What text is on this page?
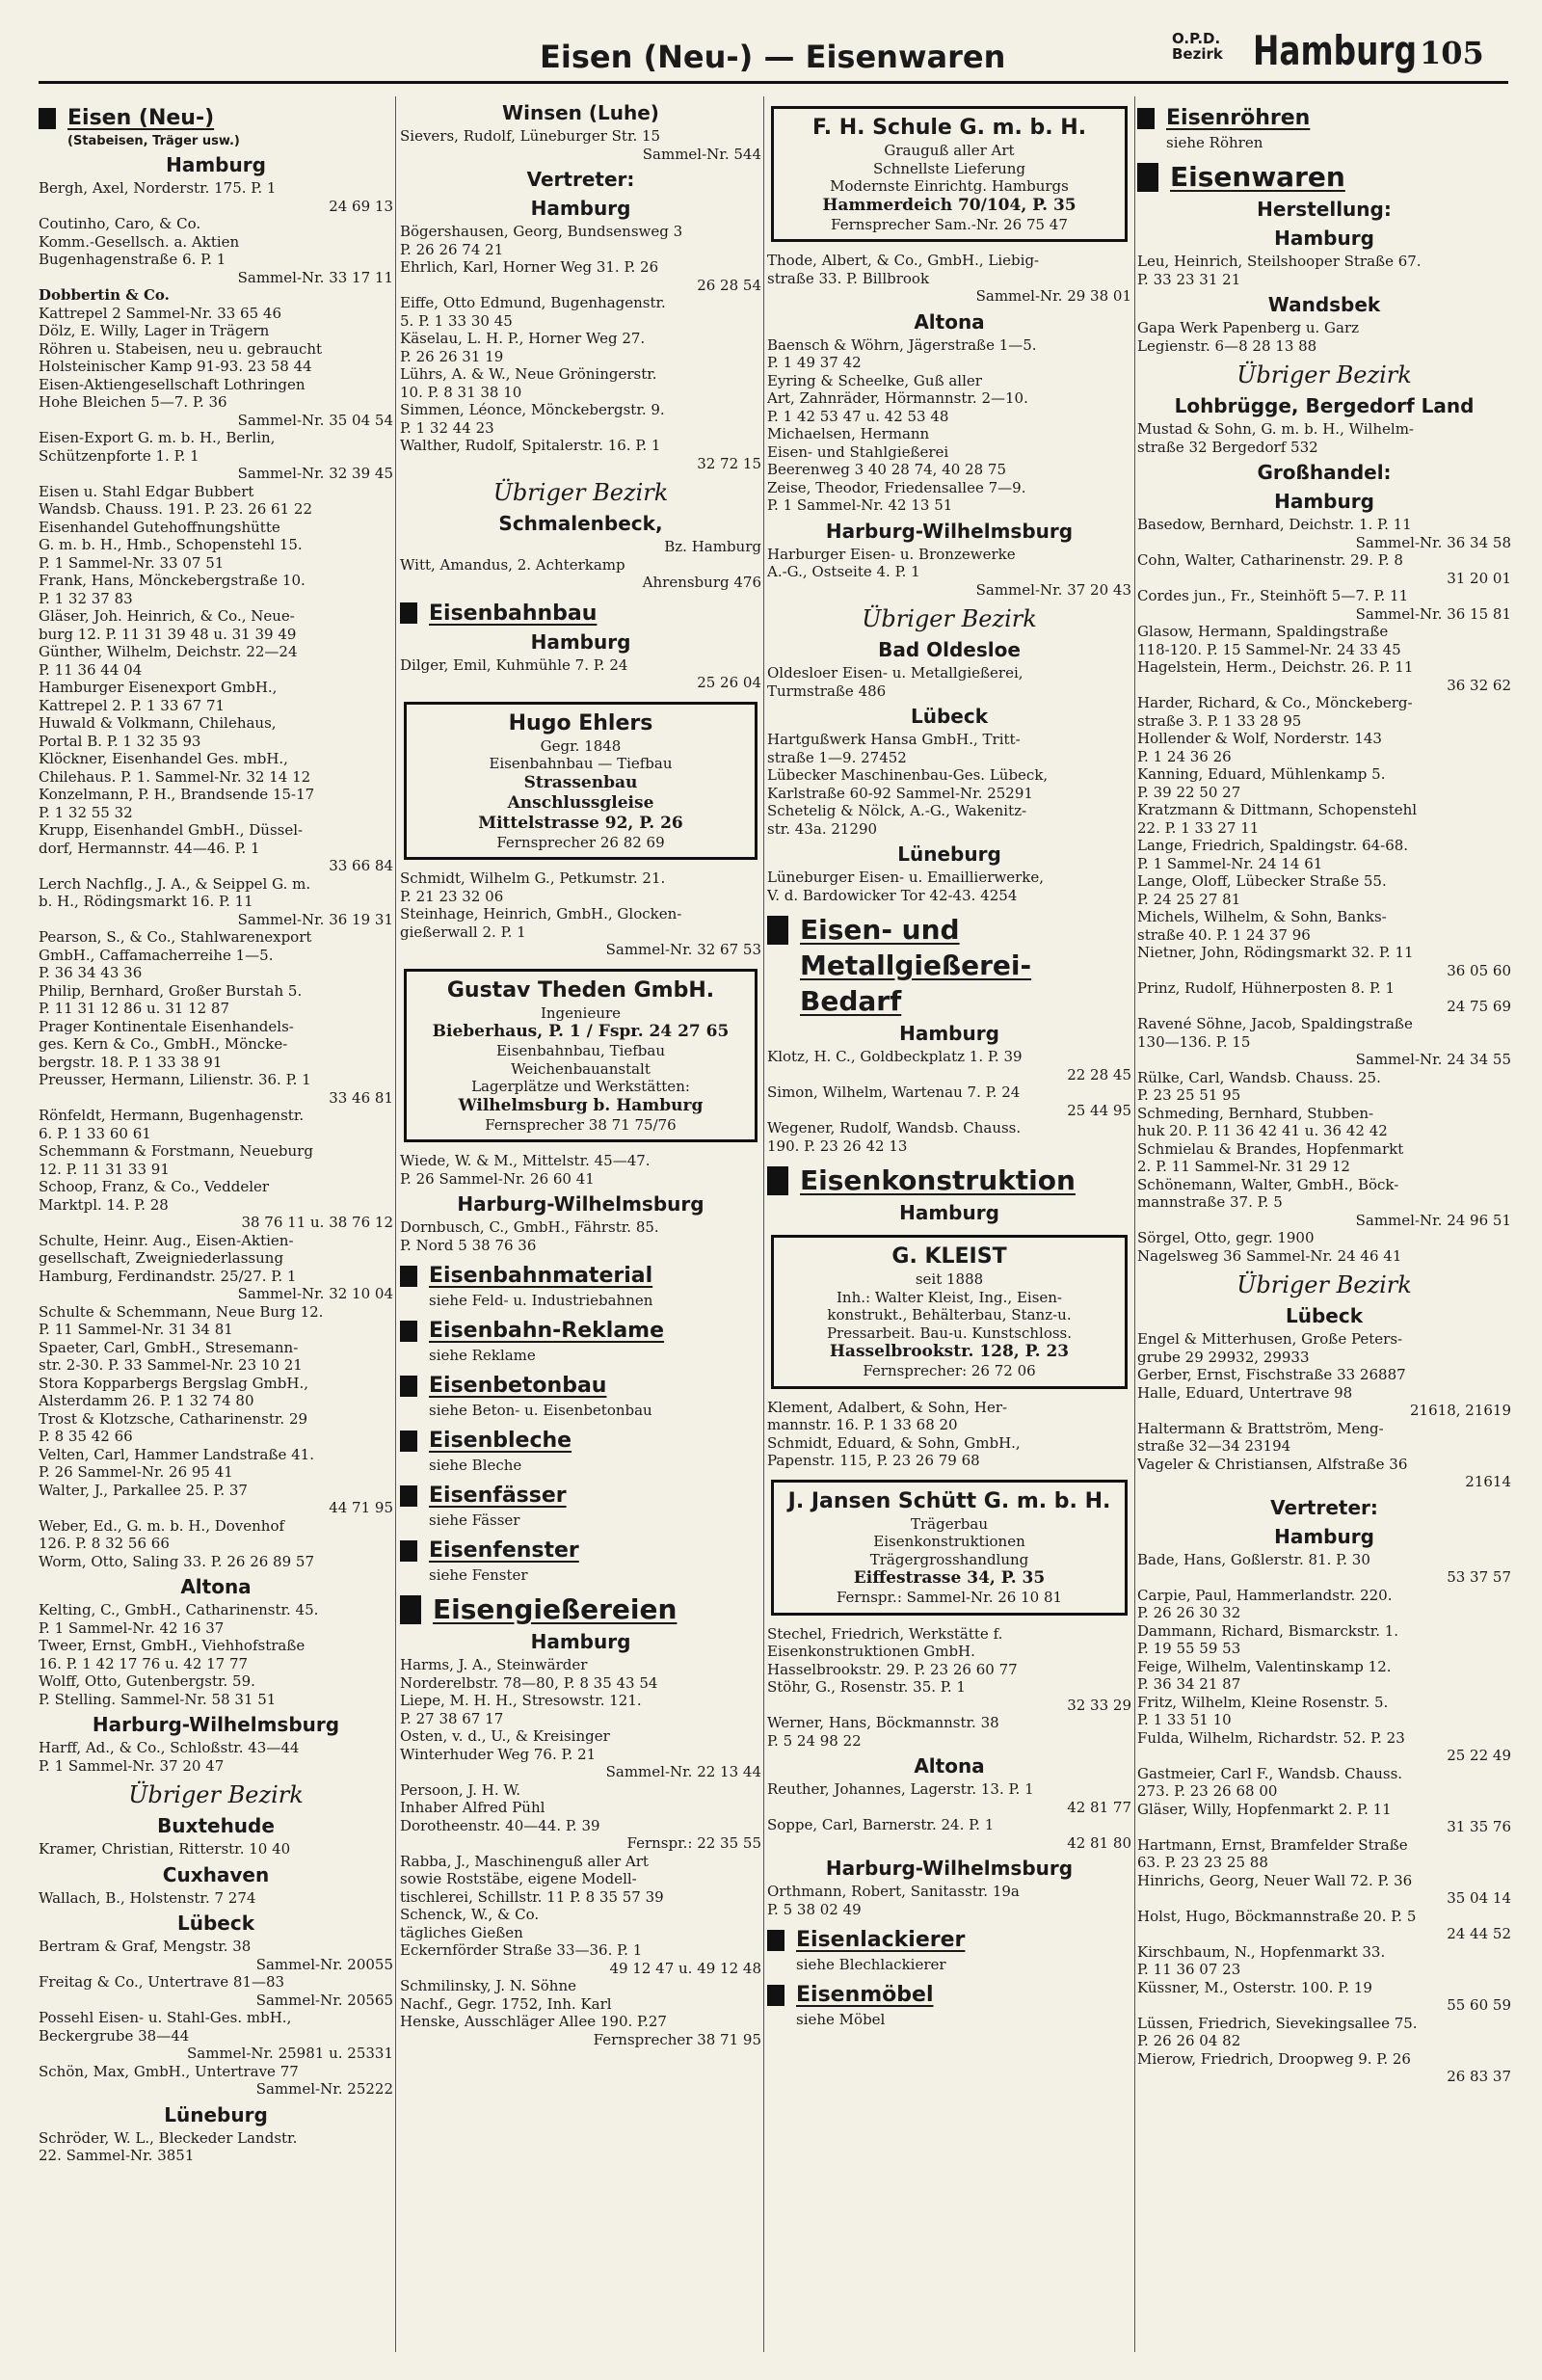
Eisen (Neu-) — Eisenwaren	O.P.D.
Bezirk Hamburg 105
Eisen (Neu-)
(Stabeisen, Träger usw.)
Hamburg
Bergh, Axel, Norderstr. 175. P. 1
24 69 13
Coutinho, Caro, & Co.
Komm.-Gesellsch. a. Aktien
Bugenhagenstraße 6. P. 1
Sammel-Nr. 33 17 11
Dobbertin & Co.
Kattrepel 2 Sammel-Nr. 33 65 46
Dölz, E. Willy, Lager in Trägern
Röhren u. Stabeisen, neu u. gebraucht
Holsteinischer Kamp 91-93. 23 58 44
Eisen-Aktiengesellschaft Lothringen
Hohe Bleichen 5—7. P. 36
Sammel-Nr. 35 04 54
Eisen-Export G. m. b. H., Berlin,
Schützenpforte 1. P. 1
Sammel-Nr. 32 39 45
Eisen u. Stahl Edgar Bubbert
Wandsb. Chauss. 191. P. 23. 26 61 22
Eisenhandel Gutehoffnungshütte
G. m. b. H., Hmb., Schopenstehl 15.
P. 1 Sammel-Nr. 33 07 51
Frank, Hans, Mönckebergstraße 10.
P. 1 32 37 83
Gläser, Joh. Heinrich, & Co., Neue-
burg 12. P. 11 31 39 48 u. 31 39 49
Günther, Wilhelm, Deichstr. 22—24
P. 11 36 44 04
Hamburger Eisenexport GmbH.,
Kattrepel 2. P. 1 33 67 71
Huwald & Volkmann, Chilehaus,
Portal B. P. 1 32 35 93
Klöckner, Eisenhandel Ges. mbH.,
Chilehaus. P. 1. Sammel-Nr. 32 14 12
Konzelmann, P. H., Brandsende 15-17
P. 1 32 55 32
Krupp, Eisenhandel GmbH., Düssel-
dorf, Hermannstr. 44—46. P. 1
33 66 84
Lerch Nachflg., J. A., & Seippel G. m.
b. H., Rödingsmarkt 16. P. 11
Sammel-Nr. 36 19 31
Pearson, S., & Co., Stahlwarenexport
GmbH., Caffamacherreihe 1—5.
P. 36 34 43 36
Philip, Bernhard, Großer Burstah 5.
P. 11 31 12 86 u. 31 12 87
Prager Kontinentale Eisenhandels-
ges. Kern & Co., GmbH., Möncke-
bergstr. 18. P. 1 33 38 91
Preusser, Hermann, Lilienstr. 36. P. 1
33 46 81
Rönfeldt, Hermann, Bugenhagenstr.
6. P. 1 33 60 61
Schemmann & Forstmann, Neueburg
12. P. 11 31 33 91
Schoop, Franz, & Co., Veddeler
Marktpl. 14. P. 28
38 76 11 u. 38 76 12
Schulte, Heinr. Aug., Eisen-Aktien-
gesellschaft, Zweigniederlassung
Hamburg, Ferdinandstr. 25/27. P. 1
Sammel-Nr. 32 10 04
Schulte & Schemmann, Neue Burg 12.
P. 11 Sammel-Nr. 31 34 81
Spaeter, Carl, GmbH., Stresemann-
str. 2-30. P. 33 Sammel-Nr. 23 10 21
Stora Kopparbergs Bergslag GmbH.,
Alsterdamm 26. P. 1 32 74 80
Trost & Klotzsche, Catharinenstr. 29
P. 8 35 42 66
Velten, Carl, Hammer Landstraße 41.
P. 26 Sammel-Nr. 26 95 41
Walter, J., Parkallee 25. P. 37
44 71 95
Weber, Ed., G. m. b. H., Dovenhof
126. P. 8 32 56 66
Worm, Otto, Saling 33. P. 26 26 89 57
Altona
Kelting, C., GmbH., Catharinenstr. 45.
P. 1 Sammel-Nr. 42 16 37
Tweer, Ernst, GmbH., Viehhofstraße
16. P. 1 42 17 76 u. 42 17 77
Wolff, Otto, Gutenbergstr. 59.
P. Stelling. Sammel-Nr. 58 31 51
Harburg-Wilhelmsburg
Harff, Ad., & Co., Schloßstr. 43—44
P. 1 Sammel-Nr. 37 20 47
Übriger Bezirk
Buxtehude
Kramer, Christian, Ritterstr. 10 40
Cuxhaven
Wallach, B., Holstenstr. 7 274
Lübeck
Bertram & Graf, Mengstr. 38
Sammel-Nr. 20055
Freitag & Co., Untertrave 81—83
Sammel-Nr. 20565
Possehl Eisen- u. Stahl-Ges. mbH.,
Beckergrube 38—44
Sammel-Nr. 25981 u. 25331
Schön, Max, GmbH., Untertrave 77
Sammel-Nr. 25222
Lüneburg
Schröder, W. L., Bleckeder Landstr.
22. Sammel-Nr. 3851
Winsen (Luhe)
Sievers, Rudolf, Lüneburger Str. 15
Sammel-Nr. 544
Vertreter:
Hamburg
Bögershausen, Georg, Bundsensweg 3
P. 26 26 74 21
Ehrlich, Karl, Horner Weg 31. P. 26
26 28 54
Eiffe, Otto Edmund, Bugenhagenstr.
5. P. 1 33 30 45
Käselau, L. H. P., Horner Weg 27.
P. 26 26 31 19
Lührs, A. & W., Neue Gröningerstr.
10. P. 8 31 38 10
Simmen, Léonce, Mönckebergstr. 9.
P. 1 32 44 23
Walther, Rudolf, Spitalerstr. 16. P. 1
32 72 15
Übriger Bezirk
Schmalenbeck,
Bz. Hamburg
Witt, Amandus, 2. Achterkamp
Ahrensburg 476
Eisenbahnbau
Hamburg
Dilger, Emil, Kuhmühle 7. P. 24
25 26 04
Hugo Ehlers
Gegr. 1848
Eisenbahnbau — Tiefbau
Strassenbau
Anschlussgleise
Mittelstrasse 92, P. 26
Fernsprecher 26 82 69
Schmidt, Wilhelm G., Petkumstr. 21.
P. 21 23 32 06
Steinhage, Heinrich, GmbH., Glocken-
gießerwall 2. P. 1
Sammel-Nr. 32 67 53
Gustav Theden GmbH.
Ingenieure
Bieberhaus, P. 1 / Fspr. 24 27 65
Eisenbahnbau, Tiefbau
Weichenbauanstalt
Lagerplätze und Werkstätten:
Wilhelmsburg b. Hamburg
Fernsprecher 38 71 75/76
Wiede, W. & M., Mittelstr. 45—47.
P. 26 Sammel-Nr. 26 60 41
Harburg-Wilhelmsburg
Dornbusch, C., GmbH., Fährstr. 85.
P. Nord 5 38 76 36
Eisenbahnmaterial
siehe Feld- u. Industriebahnen
Eisenbahn-Reklame
siehe Reklame
Eisenbetonbau
siehe Beton- u. Eisenbetonbau
Eisenbleche
siehe Bleche
Eisenfässer
siehe Fässer
Eisenfenster
siehe Fenster
Eisengießereien
Hamburg
Harms, J. A., Steinwärder
Norderelbstr. 78—80, P. 8 35 43 54
Liepe, M. H. H., Stresowstr. 121.
P. 27 38 67 17
Osten, v. d., U., & Kreisinger
Winterhuder Weg 76. P. 21
Sammel-Nr. 22 13 44
Persoon, J. H. W.
Inhaber Alfred Pühl
Dorotheenstr. 40—44. P. 39
Fernspr.: 22 35 55
Rabba, J., Maschinenguß aller Art
sowie Roststäbe, eigene Modell-
tischlerei, Schillstr. 11 P. 8 35 57 39
Schenck, W., & Co.
tägliches Gießen
Eckernförder Straße 33—36. P. 1
49 12 47 u. 49 12 48
Schmilinsky, J. N. Söhne
Nachf., Gegr. 1752, Inh. Karl
Henske, Ausschläger Allee 190. P.27
Fernsprecher 38 71 95
F. H. Schule G. m. b. H.
Grauguß aller Art
Schnellste Lieferung
Modernste Einrichtg. Hamburgs
Hammerdeich 70/104, P. 35
Fernsprecher Sam.-Nr. 26 75 47
Thode, Albert, & Co., GmbH., Liebig-
straße 33. P. Billbrook
Sammel-Nr. 29 38 01
Altona
Baensch & Wöhrn, Jägerstraße 1—5.
P. 1 49 37 42
Eyring & Scheelke, Guß aller
Art, Zahnräder, Hörmannstr. 2—10.
P. 1 42 53 47 u. 42 53 48
Michaelsen, Hermann
Eisen- und Stahlgießerei
Beerenweg 3 40 28 74, 40 28 75
Zeise, Theodor, Friedensallee 7—9.
P. 1 Sammel-Nr. 42 13 51
Harburg-Wilhelmsburg
Harburger Eisen- u. Bronzewerke
A.-G., Ostseite 4. P. 1
Sammel-Nr. 37 20 43
Übriger Bezirk
Bad Oldesloe
Oldesloer Eisen- u. Metallgießerei,
Turmstraße 486
Lübeck
Hartgußwerk Hansa GmbH., Tritt-
straße 1—9. 27452
Lübecker Maschinenbau-Ges. Lübeck,
Karlstraße 60-92 Sammel-Nr. 25291
Schetelig & Nölck, A.-G., Wakenitz-
str. 43a. 21290
Lüneburg
Lüneburger Eisen- u. Emaillierwerke,
V. d. Bardowicker Tor 42-43. 4254
Eisen- und
Metallgießerei-
Bedarf
Hamburg
Klotz, H. C., Goldbeckplatz 1. P. 39
22 28 45
Simon, Wilhelm, Wartenau 7. P. 24
25 44 95
Wegener, Rudolf, Wandsb. Chauss.
190. P. 23 26 42 13
Eisenkonstruktion
Hamburg
G. KLEIST
seit 1888
Inh.: Walter Kleist, Ing., Eisen-
konstrukt., Behälterbau, Stanz-u.
Pressarbeit. Bau-u. Kunstschloss.
Hasselbrookstr. 128, P. 23
Fernsprecher: 26 72 06
Klement, Adalbert, & Sohn, Her-
mannstr. 16. P. 1 33 68 20
Schmidt, Eduard, & Sohn, GmbH.,
Papenstr. 115, P. 23 26 79 68
J. Jansen Schütt G. m. b. H.
Trägerbau
Eisenkonstruktionen
Trägergrosshandlung
Eiffestrasse 34, P. 35
Fernspr.: Sammel-Nr. 26 10 81
Stechel, Friedrich, Werkstätte f.
Eisenkonstruktionen GmbH.
Hasselbrookstr. 29. P. 23 26 60 77
Stöhr, G., Rosenstr. 35. P. 1
32 33 29
Werner, Hans, Böckmannstr. 38
P. 5 24 98 22
Altona
Reuther, Johannes, Lagerstr. 13. P. 1
42 81 77
Soppe, Carl, Barnerstr. 24. P. 1
42 81 80
Harburg-Wilhelmsburg
Orthmann, Robert, Sanitasstr. 19a
P. 5 38 02 49
Eisenlackierer
siehe Blechlackierer
Eisenmöbel
siehe Möbel
Eisenröhren
siehe Röhren
Eisenwaren
Herstellung:
Hamburg
Leu, Heinrich, Steilshooper Straße 67.
P. 33 23 31 21
Wandsbek
Gapa Werk Papenberg u. Garz
Legienstr. 6—8 28 13 88
Übriger Bezirk
Lohbrügge, Bergedorf Land
Mustad & Sohn, G. m. b. H., Wilhelm-
straße 32 Bergedorf 532
Großhandel:
Hamburg
Basedow, Bernhard, Deichstr. 1. P. 11
Sammel-Nr. 36 34 58
Cohn, Walter, Catharinenstr. 29. P. 8
31 20 01
Cordes jun., Fr., Steinhöft 5—7. P. 11
Sammel-Nr. 36 15 81
Glasow, Hermann, Spaldingstraße
118-120. P. 15 Sammel-Nr. 24 33 45
Hagelstein, Herm., Deichstr. 26. P. 11
36 32 62
Harder, Richard, & Co., Mönckeberg-
straße 3. P. 1 33 28 95
Hollender & Wolf, Norderstr. 143
P. 1 24 36 26
Kanning, Eduard, Mühlenkamp 5.
P. 39 22 50 27
Kratzmann & Dittmann, Schopenstehl
22. P. 1 33 27 11
Lange, Friedrich, Spaldingstr. 64-68.
P. 1 Sammel-Nr. 24 14 61
Lange, Oloff, Lübecker Straße 55.
P. 24 25 27 81
Michels, Wilhelm, & Sohn, Banks-
straße 40. P. 1 24 37 96
Nietner, John, Rödingsmarkt 32. P. 11
36 05 60
Prinz, Rudolf, Hühnerposten 8. P. 1
24 75 69
Ravené Söhne, Jacob, Spaldingstraße
130—136. P. 15
Sammel-Nr. 24 34 55
Rülke, Carl, Wandsb. Chauss. 25.
P. 23 25 51 95
Schmeding, Bernhard, Stubben-
huk 20. P. 11 36 42 41 u. 36 42 42
Schmielau & Brandes, Hopfenmarkt
2. P. 11 Sammel-Nr. 31 29 12
Schönemann, Walter, GmbH., Böck-
mannstraße 37. P. 5
Sammel-Nr. 24 96 51
Sörgel, Otto, gegr. 1900
Nagelsweg 36 Sammel-Nr. 24 46 41
Übriger Bezirk
Lübeck
Engel & Mitterhusen, Große Peters-
grube 29 29932, 29933
Gerber, Ernst, Fischstraße 33 26887
Halle, Eduard, Untertrave 98
21618, 21619
Haltermann & Brattström, Meng-
straße 32—34 23194
Vageler & Christiansen, Alfstraße 36
21614
Vertreter:
Hamburg
Bade, Hans, Goßlerstr. 81. P. 30
53 37 57
Carpie, Paul, Hammerlandstr. 220.
P. 26 26 30 32
Dammann, Richard, Bismarckstr. 1.
P. 19 55 59 53
Feige, Wilhelm, Valentinskamp 12.
P. 36 34 21 87
Fritz, Wilhelm, Kleine Rosenstr. 5.
P. 1 33 51 10
Fulda, Wilhelm, Richardstr. 52. P. 23
25 22 49
Gastmeier, Carl F., Wandsb. Chauss.
273. P. 23 26 68 00
Gläser, Willy, Hopfenmarkt 2. P. 11
31 35 76
Hartmann, Ernst, Bramfelder Straße
63. P. 23 23 25 88
Hinrichs, Georg, Neuer Wall 72. P. 36
35 04 14
Holst, Hugo, Böckmannstraße 20. P. 5
24 44 52
Kirschbaum, N., Hopfenmarkt 33.
P. 11 36 07 23
Küssner, M., Osterstr. 100. P. 19
55 60 59
Lüssen, Friedrich, Sievekingsallee 75.
P. 26 26 04 82
Mierow, Friedrich, Droopweg 9. P. 26
26 83 37
